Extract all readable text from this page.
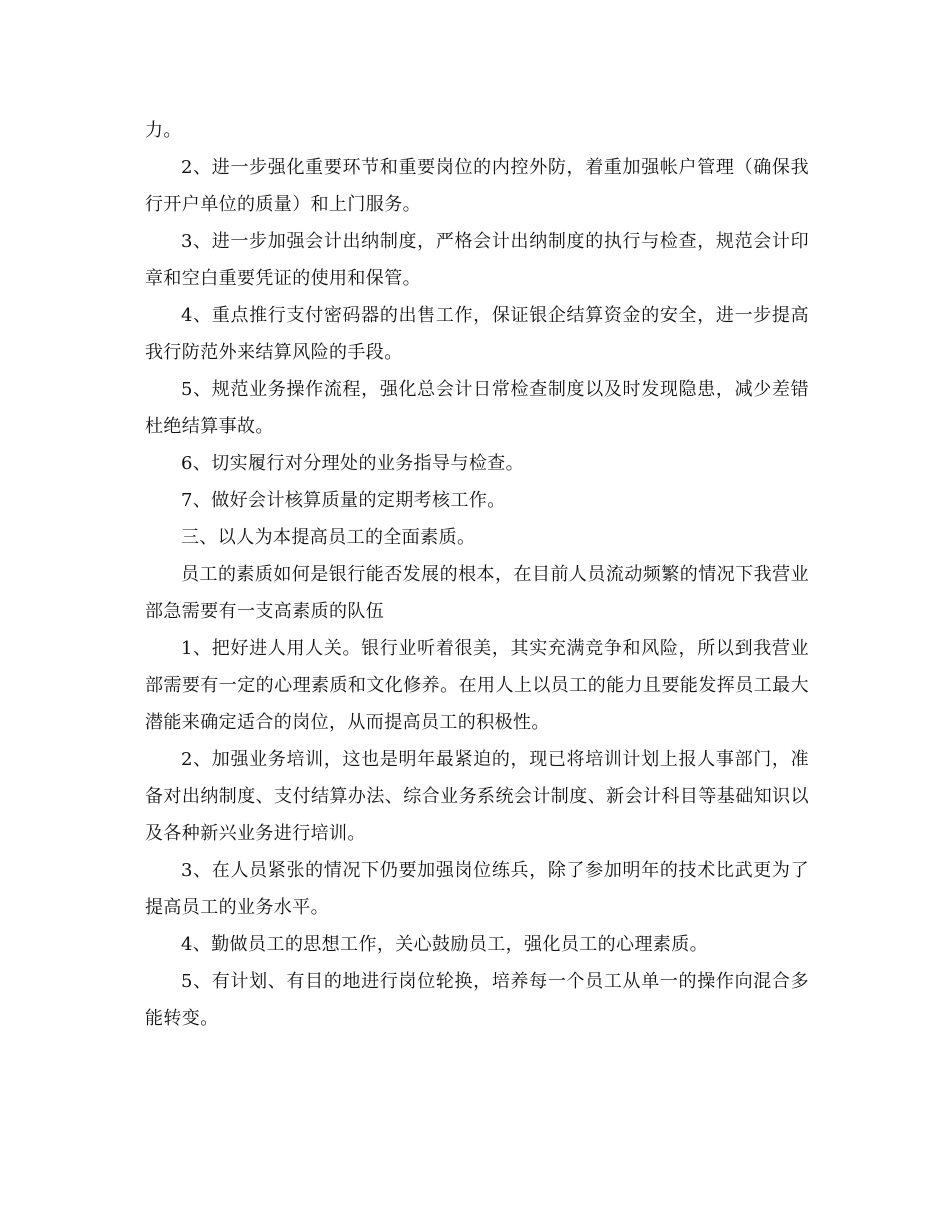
力。

2、进一步强化重要环节和重要岗位的内控外防，着重加强帐户管理（确保我行开户单位的质量）和上门服务。

3、进一步加强会计出纳制度，严格会计出纳制度的执行与检查，规范会计印章和空白重要凭证的使用和保管。

4、重点推行支付密码器的出售工作，保证银企结算资金的安全，进一步提高我行防范外来结算风险的手段。

5、规范业务操作流程，强化总会计日常检查制度以及时发现隐患，减少差错杜绝结算事故。

6、切实履行对分理处的业务指导与检查。

7、做好会计核算质量的定期考核工作。

三、以人为本提高员工的全面素质。

员工的素质如何是银行能否发展的根本，在目前人员流动频繁的情况下我营业部急需要有一支高素质的队伍

1、把好进人用人关。银行业听着很美，其实充满竞争和风险，所以到我营业部需要有一定的心理素质和文化修养。在用人上以员工的能力且要能发挥员工最大潜能来确定适合的岗位，从而提高员工的积极性。

2、加强业务培训，这也是明年最紧迫的，现已将培训计划上报人事部门，准备对出纳制度、支付结算办法、综合业务系统会计制度、新会计科目等基础知识以及各种新兴业务进行培训。

3、在人员紧张的情况下仍要加强岗位练兵，除了参加明年的技术比武更为了提高员工的业务水平。

4、勤做员工的思想工作，关心鼓励员工，强化员工的心理素质。

5、有计划、有目的地进行岗位轮换，培养每一个员工从单一的操作向混合多能转变。
